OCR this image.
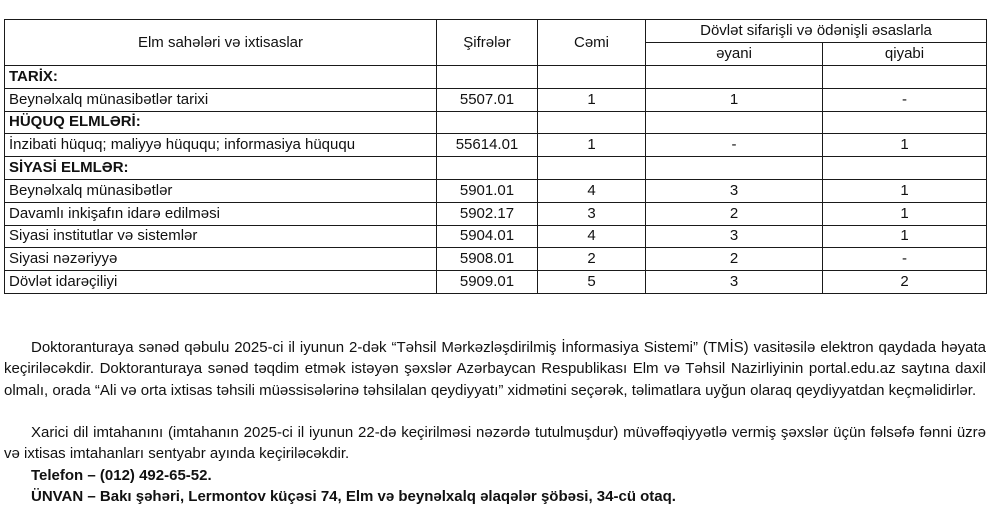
Elm sahələri və ixtisaslar	Şifrələr	Cəmi	Dövlət sifarişli və ödənişli əsaslarla	
			əyani	qiyabi
TARİX:				
Beynəlxalq münasibətlər tarixi	5507.01	1	1	-
HÜQUQ ELMLƏRİ:				
İnzibati hüquq; maliyyə hüququ; informasiya hüququ	55614.01	1	-	1
SİYASİ ELMLƏR:				
Beynəlxalq münasibətlər	5901.01	4	3	1
Davamlı inkişafın idarə edilməsi	5902.17	3	2	1
Siyasi institutlar və sistemlər	5904.01	4	3	1
Siyasi nəzəriyyə	5908.01	2	2	-
Dövlət idarəçiliyi	5909.01	5	3	2
Doktoranturaya sənəd qəbulu 2025-ci il iyunun 2-dək “Təhsil Mərkəzləşdirilmiş İnformasiya Sistemi” (TMİS) vasitəsilə elektron qaydada həyata keçiriləcəkdir. Doktoranturaya sənəd təqdim etmək istəyən şəxslər Azərbaycan Respublikası Elm və Təhsil Nazirliyinin portal.edu.az saytına daxil olmalı, orada “Ali və orta ixtisas təhsili müəssisələrinə təhsilalan qeydiyyatı” xidmətini seçərək, təlimatlara uyğun olaraq qeydiyyatdan keçməlidirlər.
Xarici dil imtahanını (imtahanın 2025-ci il iyunun 22-də keçirilməsi nəzərdə tutulmuşdur) müvəffəqiyyətlə vermiş şəxslər üçün fəlsəfə fənni üzrə və ixtisas imtahanları sentyabr ayında keçiriləcəkdir.
Telefon – (012) 492-65-52.
ÜNVAN – Bakı şəhəri, Lermontov küçəsi 74, Elm və beynəlxalq əlaqələr şöbəsi, 34-cü otaq.
